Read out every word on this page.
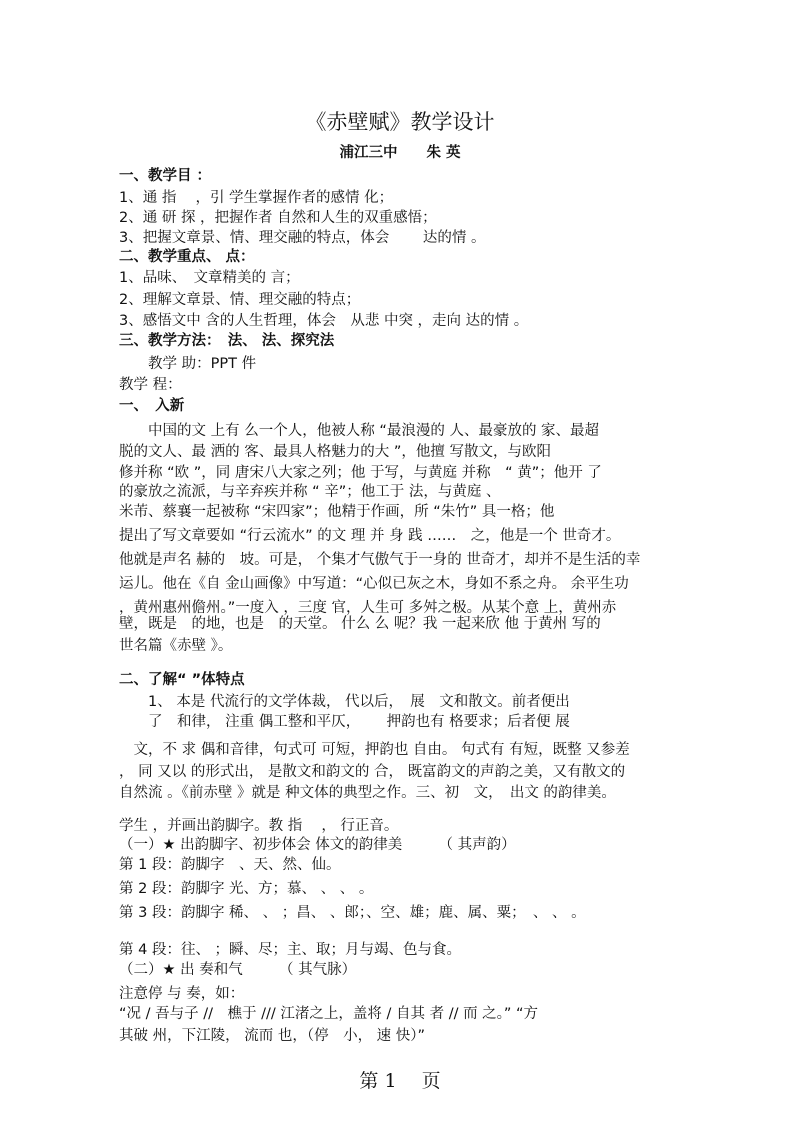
《赤壁赋》教学设计
浦江三中　　朱 英
一、教学目 ：
1、通 指　 ，引 学生掌握作者的感情 化；
2、通 研 探 ，把握作者 自然和人生的双重感悟；
3、把握文章景、情、理交融的特点，体会　　 达的情 。
二、教学重点、 点：
1、品味、　文章精美的 言；
2、理解文章景、情、理交融的特点；
3、感悟文中 含的人生哲理，体会　从悲 中突 ，走向 达的情 。
三、教学方法：　法、 法、探究法
　　教学 助：PPT 件
教学 程：
一、　入新
　　中国的文 上有 么一个人，他被人称 “最浪漫的 人、最豪放的 家、最超
脱的文人、最 洒的 客、最具人格魅力的大 ”，他擅 写散文，与欧阳
修并称 “欧 ”，同 唐宋八大家之列；他 于写，与黄庭 并称　“ 黄”；他开 了
的豪放之流派，与辛弃疾并称 “ 辛”；他工于 法，与黄庭 、
米芾、蔡襄一起被称 “宋四家”；他精于作画，所 “朱竹” 具一格；他
提出了写文章要如 “行云流水” 的文 理 并 身 践 ……　之，他是一个 世奇才。
他就是声名 赫的　坡。可是， 个集才气傲气于一身的 世奇才，却并不是生活的幸
运儿。他在《自 金山画像》中写道：“心似已灰之木，身如不系之舟。 余平生功
，黄州惠州儋州。”一度入 ，三度 官，人生可 多舛之极。从某个意 上，黄州赤
壁，既是　的地，也是　的天堂。 什么 么 呢？我 一起来欣 他 于黄州 写的
世名篇《赤壁 》。
二、了解“ ”体特点
　　1、 本是 代流行的文学体裁， 代以后，　展　文和散文。前者便出
　　了　和律， 注重 偶工整和平仄，　　 押韵也有 格要求；后者便 展
　文，不 求 偶和音律，句式可 可短，押韵也 自由。 句式有 有短，既整 又参差
， 同 又以 的形式出， 是散文和韵文的 合， 既富韵文的声韵之美，又有散文的
自然流 。《前赤壁 》就是 种文体的典型之作。三、初　文，　出文 的韵律美。
学生 ，并画出韵脚字。教 指　 ， 行正音。
（一）★ 出韵脚字、初步体会 体文的韵律美　　　（ 其声韵）
第 1 段：韵脚字　、天、然、仙。
第 2 段：韵脚字 光、方；慕、 、 、 。
第 3 段：韵脚字 稀、 、 ；昌、 、郎；、空、雄；鹿、属、粟；　、 、 。
第 4 段：往、 ；瞬、尽；主、取；月与竭、色与食。
（二）★ 出 奏和气　　　（ 其气脉）
注意停 与 奏，如：
“况 / 吾与子 //　樵于 /// 江渚之上，盖将 / 自其 者 // 而 之。” “方
其破 州，下江陵， 流而 也，（停　小， 速 快）”
第 1　 页
